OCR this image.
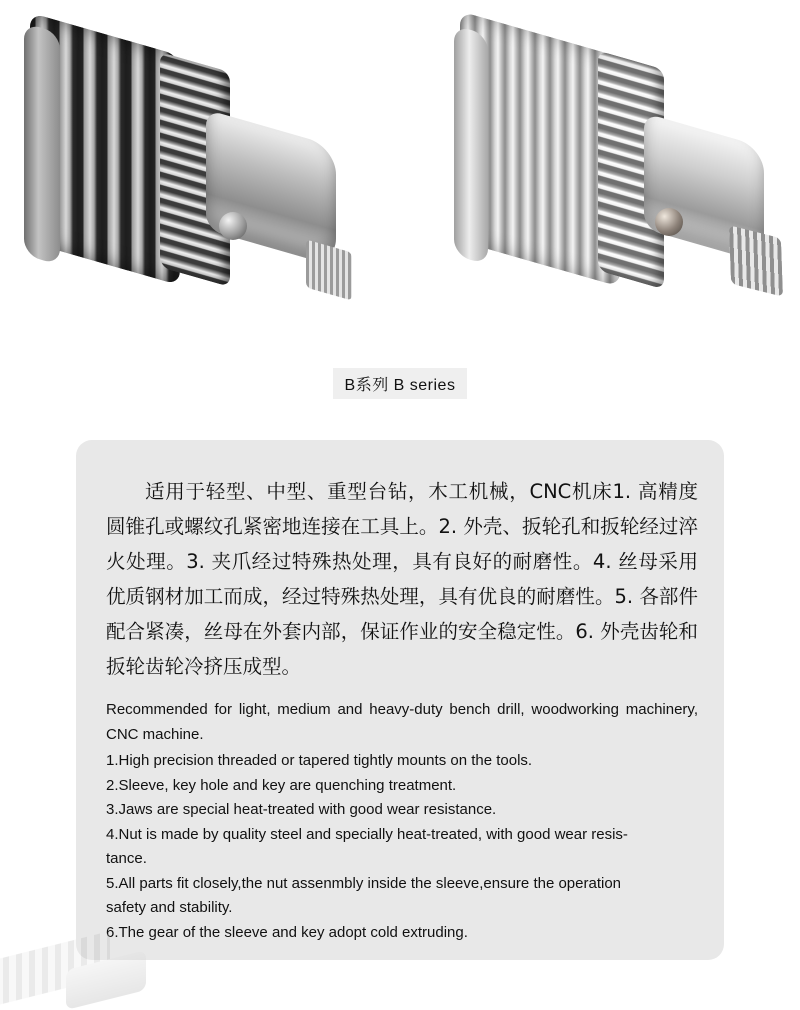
B系列 B series
适用于轻型、中型、重型台钻，木工机械，CNC机床1. 高精度圆锥孔或螺纹孔紧密地连接在工具上。2. 外壳、扳轮孔和扳轮经过淬火处理。3. 夹爪经过特殊热处理，具有良好的耐磨性。4. 丝母采用优质钢材加工而成，经过特殊热处理，具有优良的耐磨性。5. 各部件配合紧凑，丝母在外套内部，保证作业的安全稳定性。6. 外壳齿轮和扳轮齿轮冷挤压成型。

Recommended for light, medium and heavy-duty bench drill, woodworking machinery, CNC machine.

1.High precision threaded or tapered tightly mounts on the tools.

2.Sleeve, key hole and key are quenching treatment.

3.Jaws are special heat-treated with good wear resistance.

4.Nut is made by quality steel and specially heat-treated, with good wear resis-

tance.

5.All parts fit closely,the nut assenmbly inside the sleeve,ensure the operation

safety and stability.

6.The gear of the sleeve and key adopt cold extruding.
